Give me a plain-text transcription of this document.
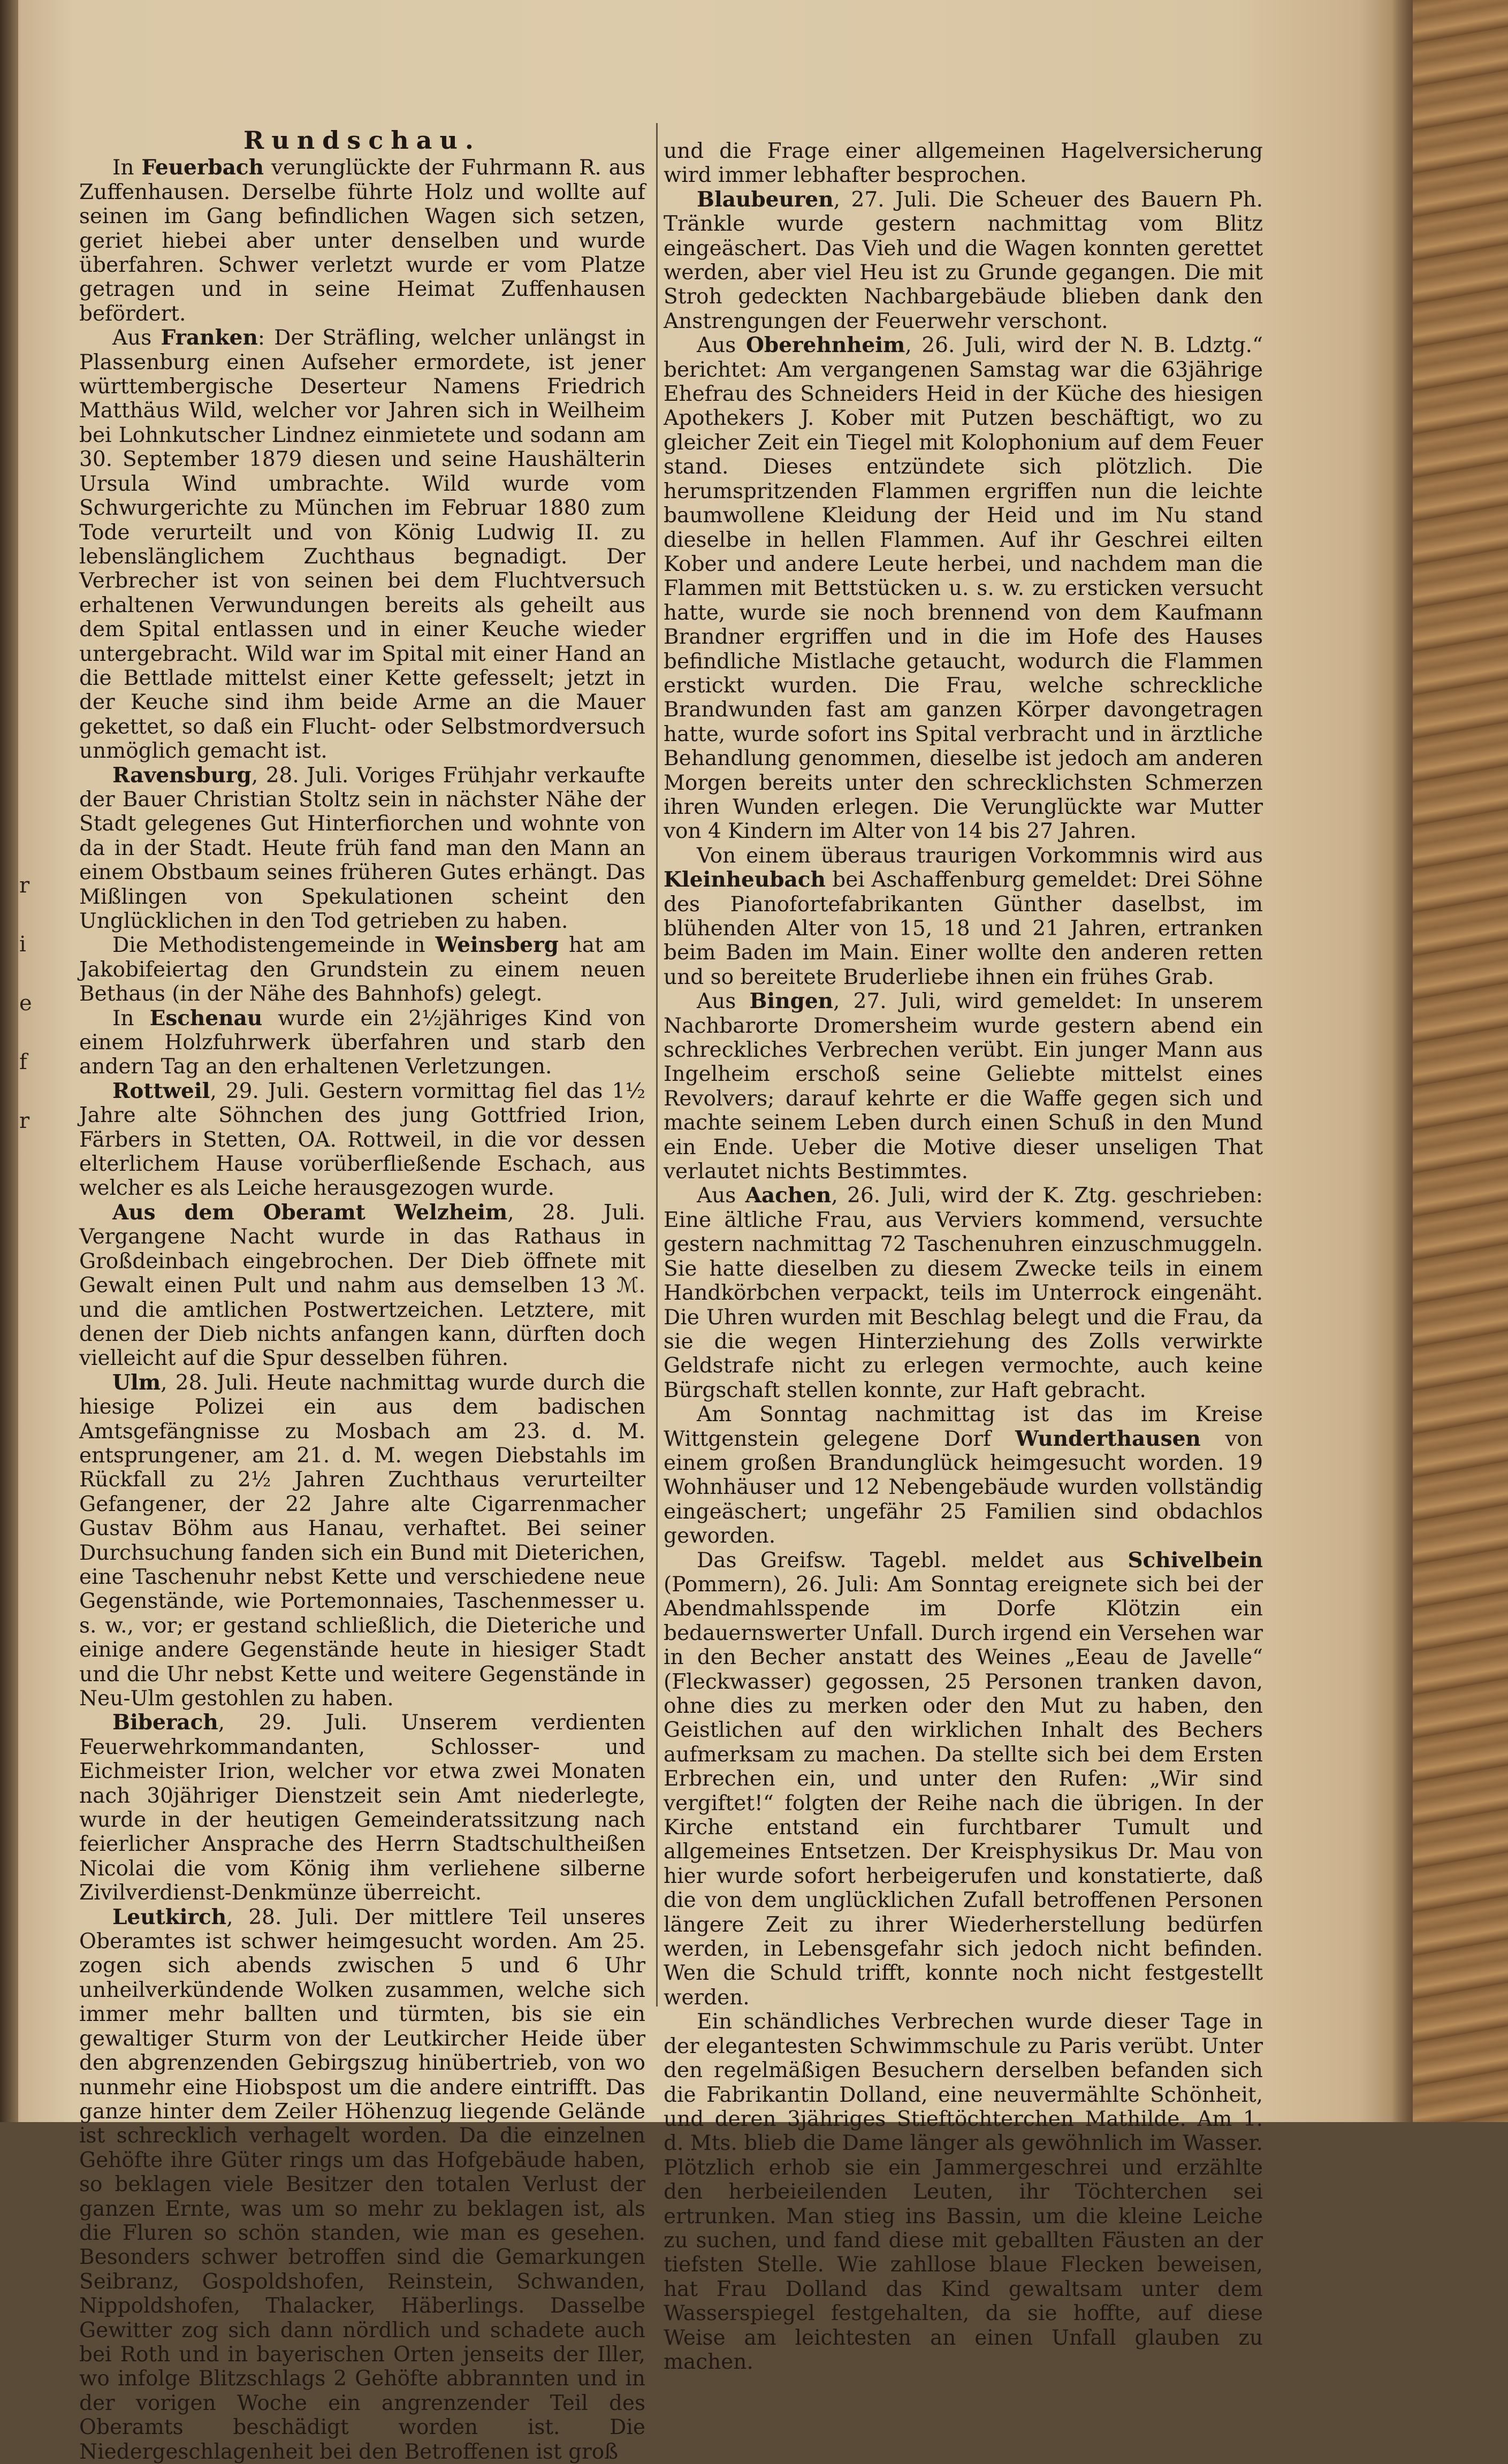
r
i
e
f
r
Rundschau.

In Feuerbach verunglückte der Fuhrmann R. aus Zuffenhausen. Derselbe führte Holz und wollte auf seinen im Gang befindlichen Wagen sich setzen, geriet hiebei aber unter denselben und wurde überfahren. Schwer verletzt wurde er vom Platze getragen und in seine Heimat Zuffenhausen befördert.

Aus Franken: Der Sträfling, welcher unlängst in Plassenburg einen Aufseher ermordete, ist jener württembergische Deserteur Namens Friedrich Matthäus Wild, welcher vor Jahren sich in Weilheim bei Lohnkutscher Lindnez einmietete und sodann am 30. September 1879 diesen und seine Haushälterin Ursula Wind umbrachte. Wild wurde vom Schwurgerichte zu München im Februar 1880 zum Tode verurteilt und von König Ludwig II. zu lebenslänglichem Zuchthaus begnadigt. Der Verbrecher ist von seinen bei dem Fluchtversuch erhaltenen Verwundungen bereits als geheilt aus dem Spital entlassen und in einer Keuche wieder untergebracht. Wild war im Spital mit einer Hand an die Bettlade mittelst einer Kette gefesselt; jetzt in der Keuche sind ihm beide Arme an die Mauer gekettet, so daß ein Flucht- oder Selbstmordversuch unmöglich gemacht ist.

Ravensburg, 28. Juli. Voriges Frühjahr verkaufte der Bauer Christian Stoltz sein in nächster Nähe der Stadt gelegenes Gut Hinterfiorchen und wohnte von da in der Stadt. Heute früh fand man den Mann an einem Obstbaum seines früheren Gutes erhängt. Das Mißlingen von Spekulationen scheint den Unglücklichen in den Tod getrieben zu haben.

Die Methodistengemeinde in Weinsberg hat am Jakobifeiertag den Grundstein zu einem neuen Bethaus (in der Nähe des Bahnhofs) gelegt.

In Eschenau wurde ein 2½jähriges Kind von einem Holzfuhrwerk überfahren und starb den andern Tag an den erhaltenen Verletzungen.

Rottweil, 29. Juli. Gestern vormittag fiel das 1½ Jahre alte Söhnchen des jung Gottfried Irion, Färbers in Stetten, OA. Rottweil, in die vor dessen elterlichem Hause vorüberfließende Eschach, aus welcher es als Leiche herausgezogen wurde.

Aus dem Oberamt Welzheim, 28. Juli. Vergangene Nacht wurde in das Rathaus in Großdeinbach eingebrochen. Der Dieb öffnete mit Gewalt einen Pult und nahm aus demselben 13 ℳ. und die amtlichen Postwertzeichen. Letztere, mit denen der Dieb nichts anfangen kann, dürften doch vielleicht auf die Spur desselben führen.

Ulm, 28. Juli. Heute nachmittag wurde durch die hiesige Polizei ein aus dem badischen Amtsgefängnisse zu Mosbach am 23. d. M. entsprungener, am 21. d. M. wegen Diebstahls im Rückfall zu 2½ Jahren Zuchthaus verurteilter Gefangener, der 22 Jahre alte Cigarrenmacher Gustav Böhm aus Hanau, verhaftet. Bei seiner Durchsuchung fanden sich ein Bund mit Dieterichen, eine Taschenuhr nebst Kette und verschiedene neue Gegenstände, wie Portemonnaies, Taschenmesser u. s. w., vor; er gestand schließlich, die Dieteriche und einige andere Gegenstände heute in hiesiger Stadt und die Uhr nebst Kette und weitere Gegenstände in Neu-Ulm gestohlen zu haben.

Biberach, 29. Juli. Unserem verdienten Feuerwehrkommandanten, Schlosser- und Eichmeister Irion, welcher vor etwa zwei Monaten nach 30jähriger Dienstzeit sein Amt niederlegte, wurde in der heutigen Gemeinderatssitzung nach feierlicher Ansprache des Herrn Stadtschultheißen Nicolai die vom König ihm verliehene silberne Zivilverdienst-Denkmünze überreicht.

Leutkirch, 28. Juli. Der mittlere Teil unseres Oberamtes ist schwer heimgesucht worden. Am 25. zogen sich abends zwischen 5 und 6 Uhr unheilverkündende Wolken zusammen, welche sich immer mehr ballten und türmten, bis sie ein gewaltiger Sturm von der Leutkircher Heide über den abgrenzenden Gebirgszug hinübertrieb, von wo nunmehr eine Hiobspost um die andere eintrifft. Das ganze hinter dem Zeiler Höhenzug liegende Gelände ist schrecklich verhagelt worden. Da die einzelnen Gehöfte ihre Güter rings um das Hofgebäude haben, so beklagen viele Besitzer den totalen Verlust der ganzen Ernte, was um so mehr zu beklagen ist, als die Fluren so schön standen, wie man es gesehen. Besonders schwer betroffen sind die Gemarkungen Seibranz, Gospoldshofen, Reinstein, Schwanden, Nippoldshofen, Thalacker, Häberlings. Dasselbe Gewitter zog sich dann nördlich und schadete auch bei Roth und in bayerischen Orten jenseits der Iller, wo infolge Blitzschlags 2 Gehöfte abbrannten und in der vorigen Woche ein angrenzender Teil des Oberamts beschädigt worden ist. Die Niedergeschlagenheit bei den Betroffenen ist groß

und die Frage einer allgemeinen Hagelversicherung wird immer lebhafter besprochen.

Blaubeuren, 27. Juli. Die Scheuer des Bauern Ph. Tränkle wurde gestern nachmittag vom Blitz eingeäschert. Das Vieh und die Wagen konnten gerettet werden, aber viel Heu ist zu Grunde gegangen. Die mit Stroh gedeckten Nachbargebäude blieben dank den Anstrengungen der Feuerwehr verschont.

Aus Oberehnheim, 26. Juli, wird der N. B. Ldztg.“ berichtet: Am vergangenen Samstag war die 63jährige Ehefrau des Schneiders Heid in der Küche des hiesigen Apothekers J. Kober mit Putzen beschäftigt, wo zu gleicher Zeit ein Tiegel mit Kolophonium auf dem Feuer stand. Dieses entzündete sich plötzlich. Die herumspritzenden Flammen ergriffen nun die leichte baumwollene Kleidung der Heid und im Nu stand dieselbe in hellen Flammen. Auf ihr Geschrei eilten Kober und andere Leute herbei, und nachdem man die Flammen mit Bettstücken u. s. w. zu ersticken versucht hatte, wurde sie noch brennend von dem Kaufmann Brandner ergriffen und in die im Hofe des Hauses befindliche Mistlache getaucht, wodurch die Flammen erstickt wurden. Die Frau, welche schreckliche Brandwunden fast am ganzen Körper davongetragen hatte, wurde sofort ins Spital verbracht und in ärztliche Behandlung genommen, dieselbe ist jedoch am anderen Morgen bereits unter den schrecklichsten Schmerzen ihren Wunden erlegen. Die Verunglückte war Mutter von 4 Kindern im Alter von 14 bis 27 Jahren.

Von einem überaus traurigen Vorkommnis wird aus Kleinheubach bei Aschaffenburg gemeldet: Drei Söhne des Pianofortefabrikanten Günther daselbst, im blühenden Alter von 15, 18 und 21 Jahren, ertranken beim Baden im Main. Einer wollte den anderen retten und so bereitete Bruderliebe ihnen ein frühes Grab.

Aus Bingen, 27. Juli, wird gemeldet: In unserem Nachbarorte Dromersheim wurde gestern abend ein schreckliches Verbrechen verübt. Ein junger Mann aus Ingelheim erschoß seine Geliebte mittelst eines Revolvers; darauf kehrte er die Waffe gegen sich und machte seinem Leben durch einen Schuß in den Mund ein Ende. Ueber die Motive dieser unseligen That verlautet nichts Bestimmtes.

Aus Aachen, 26. Juli, wird der K. Ztg. geschrieben: Eine ältliche Frau, aus Verviers kommend, versuchte gestern nachmittag 72 Taschenuhren einzuschmuggeln. Sie hatte dieselben zu diesem Zwecke teils in einem Handkörbchen verpackt, teils im Unterrock eingenäht. Die Uhren wurden mit Beschlag belegt und die Frau, da sie die wegen Hinterziehung des Zolls verwirkte Geldstrafe nicht zu erlegen vermochte, auch keine Bürgschaft stellen konnte, zur Haft gebracht.

Am Sonntag nachmittag ist das im Kreise Wittgenstein gelegene Dorf Wunderthausen von einem großen Brandunglück heimgesucht worden. 19 Wohnhäuser und 12 Nebengebäude wurden vollständig eingeäschert; ungefähr 25 Familien sind obdachlos geworden.

Das Greifsw. Tagebl. meldet aus Schivelbein (Pommern), 26. Juli: Am Sonntag ereignete sich bei der Abendmahlsspende im Dorfe Klötzin ein bedauernswerter Unfall. Durch irgend ein Versehen war in den Becher anstatt des Weines „Eeau de Javelle“ (Fleckwasser) gegossen, 25 Personen tranken davon, ohne dies zu merken oder den Mut zu haben, den Geistlichen auf den wirklichen Inhalt des Bechers aufmerksam zu machen. Da stellte sich bei dem Ersten Erbrechen ein, und unter den Rufen: „Wir sind vergiftet!“ folgten der Reihe nach die übrigen. In der Kirche entstand ein furchtbarer Tumult und allgemeines Entsetzen. Der Kreisphysikus Dr. Mau von hier wurde sofort herbeigerufen und konstatierte, daß die von dem unglücklichen Zufall betroffenen Personen längere Zeit zu ihrer Wiederherstellung bedürfen werden, in Lebensgefahr sich jedoch nicht befinden. Wen die Schuld trifft, konnte noch nicht festgestellt werden.

Ein schändliches Verbrechen wurde dieser Tage in der elegantesten Schwimmschule zu Paris verübt. Unter den regelmäßigen Besuchern derselben befanden sich die Fabrikantin Dolland, eine neuvermählte Schönheit, und deren 3jähriges Stieftöchterchen Mathilde. Am 1. d. Mts. blieb die Dame länger als gewöhnlich im Wasser. Plötzlich erhob sie ein Jammergeschrei und erzählte den herbeieilenden Leuten, ihr Töchterchen sei ertrunken. Man stieg ins Bassin, um die kleine Leiche zu suchen, und fand diese mit geballten Fäusten an der tiefsten Stelle. Wie zahllose blaue Flecken beweisen, hat Frau Dolland das Kind gewaltsam unter dem Wasserspiegel festgehalten, da sie hoffte, auf diese Weise am leichtesten an einen Unfall glauben zu machen.
